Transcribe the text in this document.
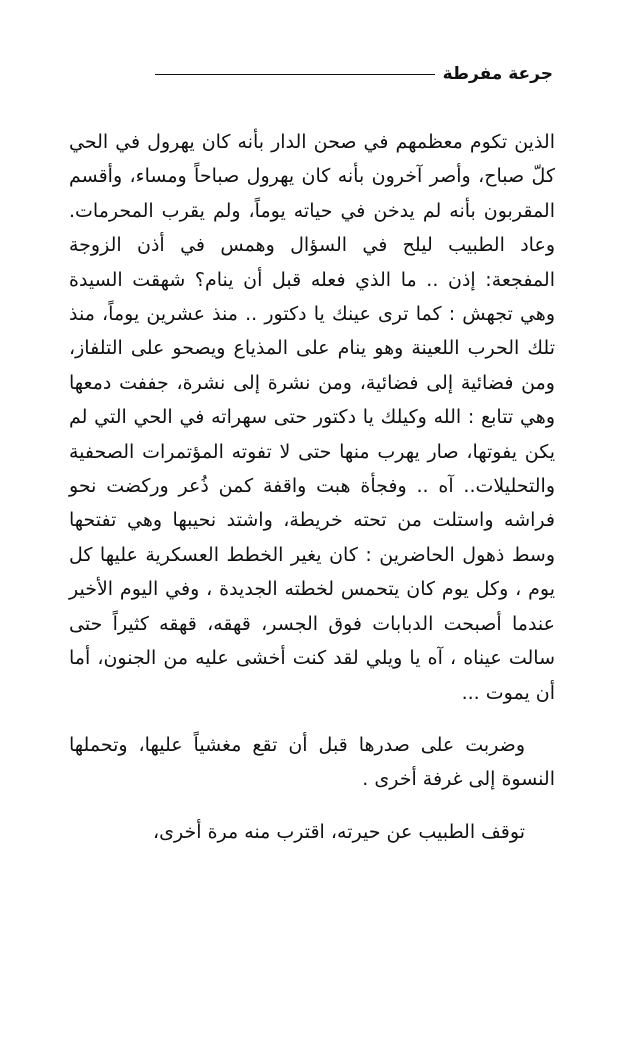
جرعة مفرطة

الذين تكوم معظمهم في صحن الدار بأنه كان يهرول في الحي كلّ صباح، وأصر آخرون بأنه كان يهرول صباحاً ومساء، وأقسم المقربون بأنه لم يدخن في حياته يوماً، ولم يقرب المحرمات. وعاد الطبيب ليلح في السؤال وهمس في أذن الزوجة المفجعة: إذن .. ما الذي فعله قبل أن ينام؟ شهقت السيدة وهي تجهش : كما ترى عينك يا دكتور .. منذ عشرين يوماً، منذ تلك الحرب اللعينة وهو ينام على المذياع ويصحو على التلفاز، ومن فضائية إلى فضائية، ومن نشرة إلى نشرة، جففت دمعها وهي تتابع : الله وكيلك يا دكتور حتى سهراته في الحي التي لم يكن يفوتها، صار يهرب منها حتى لا تفوته المؤتمرات الصحفية والتحليلات.. آه .. وفجأة هبت واقفة كمن ذُعر وركضت نحو فراشه واستلت من تحته خريطة، واشتد نحيبها وهي تفتحها وسط ذهول الحاضرين : كان يغير الخطط العسكرية عليها كل يوم ، وكل يوم كان يتحمس لخطته الجديدة ، وفي اليوم الأخير عندما أصبحت الدبابات فوق الجسر، قهقه، قهقه كثيراً حتى سالت عيناه ، آه يا ويلي لقد كنت أخشى عليه من الجنون، أما أن يموت ...

وضربت على صدرها قبل أن تقع مغشياً عليها، وتحملها النسوة إلى غرفة أخرى .

توقف الطبيب عن حيرته، اقترب منه مرة أخرى،
